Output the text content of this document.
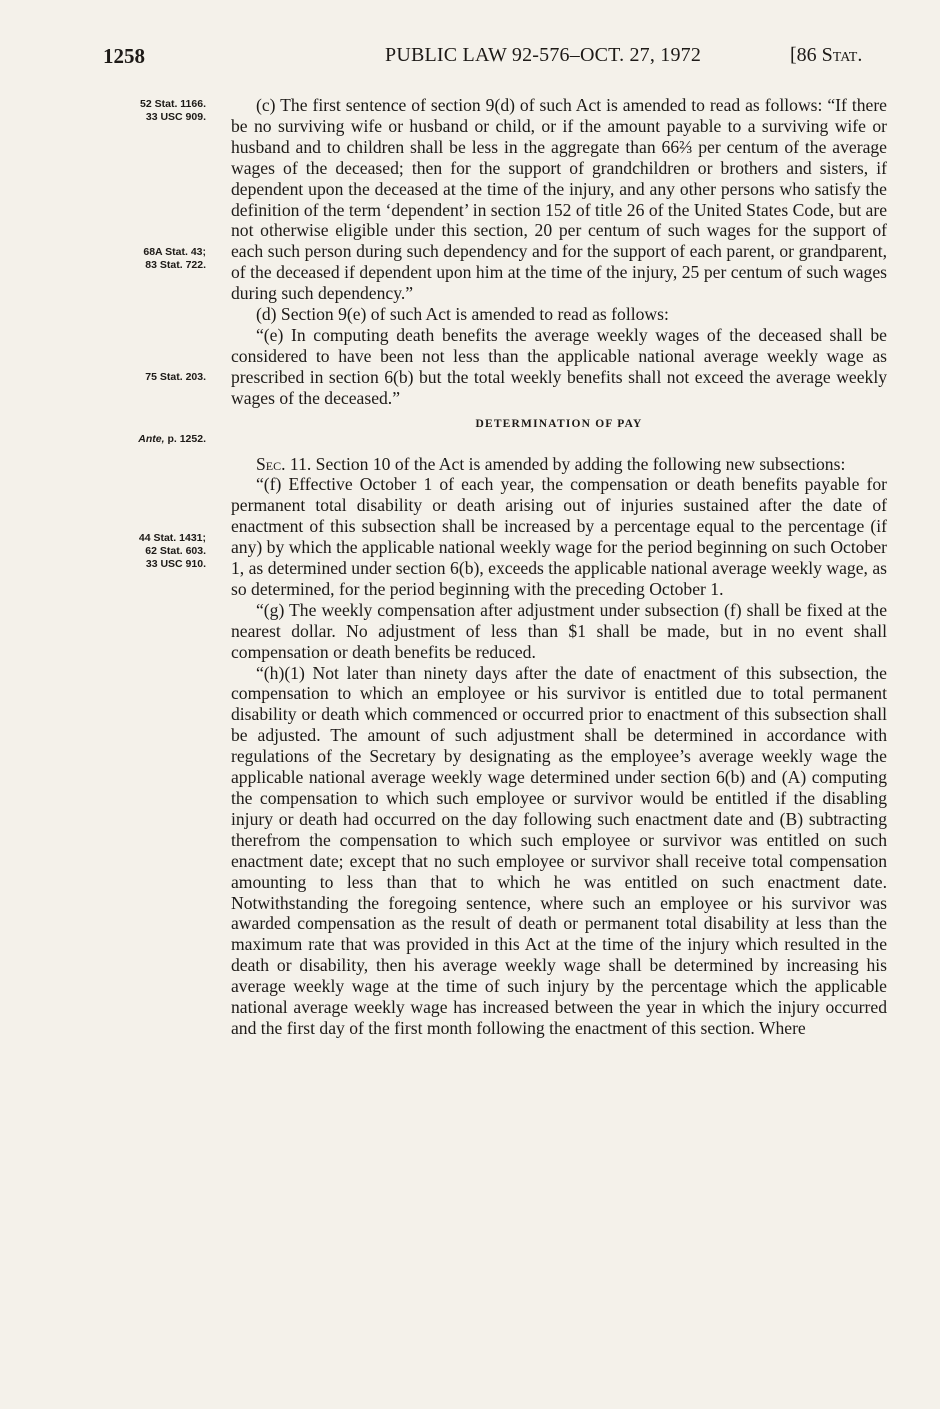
1258	PUBLIC LAW 92-576–OCT. 27, 1972	[86 Stat.
52 Stat. 1166.
33 USC 909.
68A Stat. 43;
83 Stat. 722.
75 Stat. 203.
Ante, p. 1252.
44 Stat. 1431;
62 Stat. 603.
33 USC 910.

(c) The first sentence of section 9(d) of such Act is amended to read as follows: “If there be no surviving wife or husband or child, or if the amount payable to a surviving wife or husband and to children shall be less in the aggregate than 66⅔ per centum of the average wages of the deceased; then for the support of grandchildren or brothers and sisters, if dependent upon the deceased at the time of the injury, and any other persons who satisfy the definition of the term ‘dependent’ in section 152 of title 26 of the United States Code, but are not otherwise eligible under this section, 20 per centum of such wages for the support of each such person during such dependency and for the support of each parent, or grandparent, of the deceased if dependent upon him at the time of the injury, 25 per centum of such wages during such dependency.”

(d) Section 9(e) of such Act is amended to read as follows:

“(e) In computing death benefits the average weekly wages of the deceased shall be considered to have been not less than the applicable national average weekly wage as prescribed in section 6(b) but the total weekly benefits shall not exceed the average weekly wages of the deceased.”

DETERMINATION OF PAY

Sec. 11. Section 10 of the Act is amended by adding the following new subsections:

“(f) Effective October 1 of each year, the compensation or death benefits payable for permanent total disability or death arising out of injuries sustained after the date of enactment of this subsection shall be increased by a percentage equal to the percentage (if any) by which the applicable national weekly wage for the period beginning on such October 1, as determined under section 6(b), exceeds the applicable national average weekly wage, as so determined, for the period beginning with the preceding October 1.

“(g) The weekly compensation after adjustment under subsection (f) shall be fixed at the nearest dollar. No adjustment of less than $1 shall be made, but in no event shall compensation or death benefits be reduced.

“(h)(1) Not later than ninety days after the date of enactment of this subsection, the compensation to which an employee or his survivor is entitled due to total permanent disability or death which commenced or occurred prior to enactment of this subsection shall be adjusted. The amount of such adjustment shall be determined in accordance with regulations of the Secretary by designating as the employee’s average weekly wage the applicable national average weekly wage determined under section 6(b) and (A) computing the compensation to which such employee or survivor would be entitled if the disabling injury or death had occurred on the day following such enactment date and (B) subtracting therefrom the compensation to which such employee or survivor was entitled on such enactment date; except that no such employee or survivor shall receive total compensation amounting to less than that to which he was entitled on such enactment date. Notwithstanding the foregoing sentence, where such an employee or his survivor was awarded compensation as the result of death or permanent total disability at less than the maximum rate that was provided in this Act at the time of the injury which resulted in the death or disability, then his average weekly wage shall be determined by increasing his average weekly wage at the time of such injury by the percentage which the applicable national average weekly wage has increased between the year in which the injury occurred and the first day of the first month following the enactment of this section. Where
